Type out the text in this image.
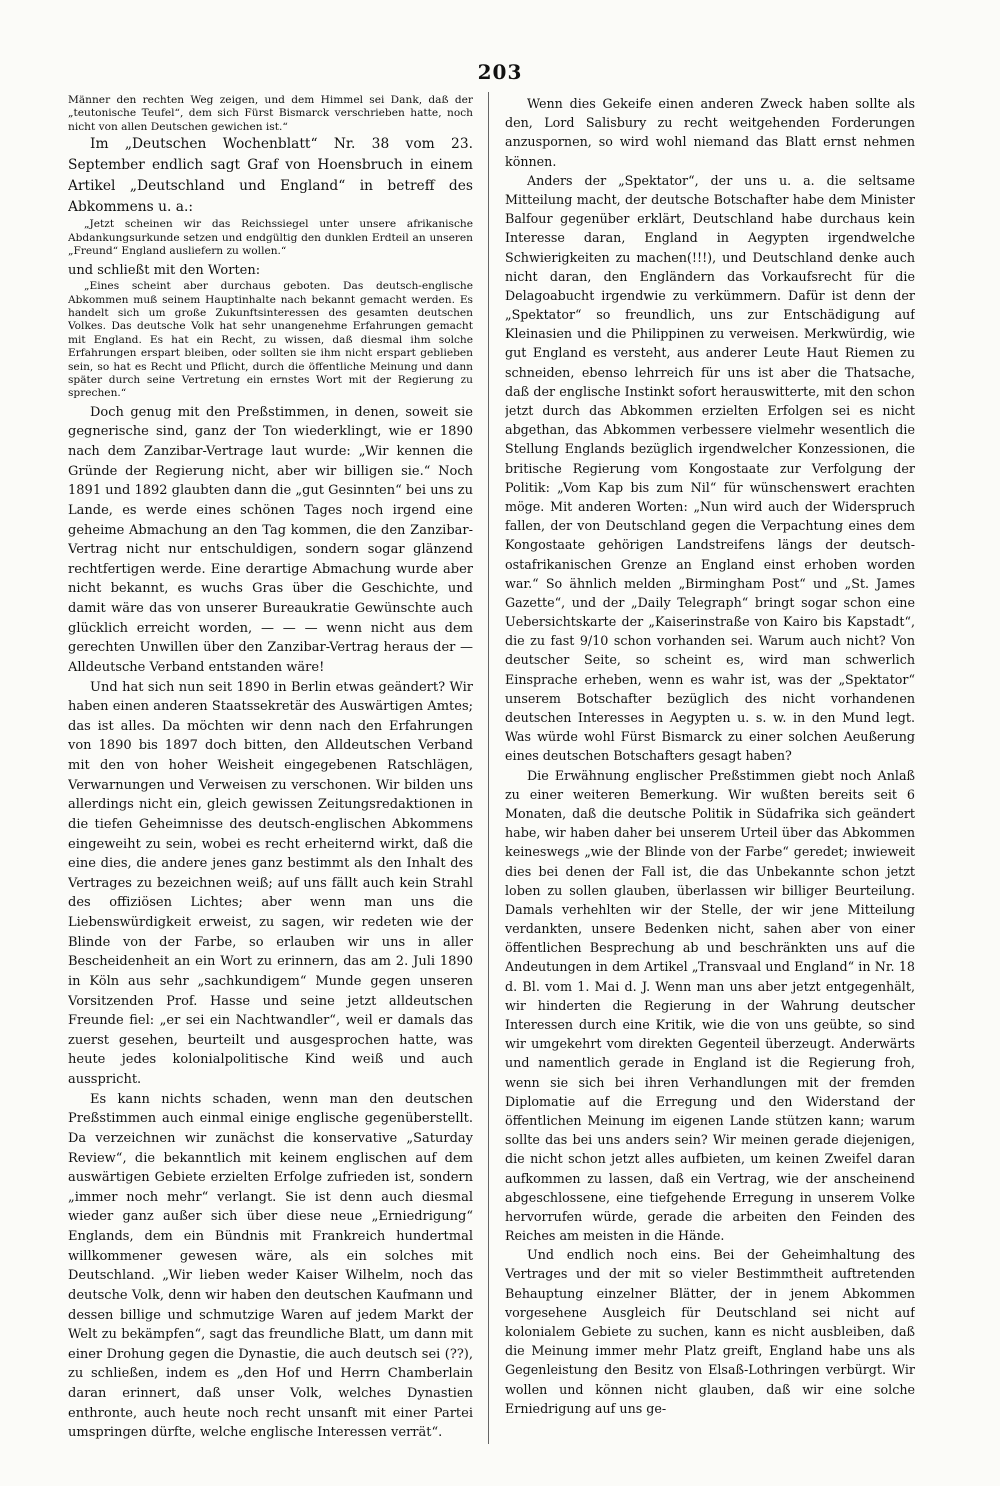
203

Männer den rechten Weg zeigen, und dem Himmel sei Dank, daß der „teutonische Teufel“, dem sich Fürst Bismarck verschrieben hatte, noch nicht von allen Deutschen gewichen ist.“

Im „Deutschen Wochenblatt“ Nr. 38 vom 23. September endlich sagt Graf von Hoensbruch in einem Artikel „Deutschland und England“ in betreff des Abkommens u. a.:

„Jetzt scheinen wir das Reichssiegel unter unsere afrikanische Abdankungsurkunde setzen und endgültig den dunklen Erdteil an unseren „Freund“ England ausliefern zu wollen.“

und schließt mit den Worten:

„Eines scheint aber durchaus geboten. Das deutsch-englische Abkommen muß seinem Hauptinhalte nach bekannt gemacht werden. Es handelt sich um große Zukunftsinteressen des gesamten deutschen Volkes. Das deutsche Volk hat sehr unangenehme Erfahrungen gemacht mit England. Es hat ein Recht, zu wissen, daß diesmal ihm solche Erfahrungen erspart bleiben, oder sollten sie ihm nicht erspart geblieben sein, so hat es Recht und Pflicht, durch die öffentliche Meinung und dann später durch seine Vertretung ein ernstes Wort mit der Regierung zu sprechen.“

Doch genug mit den Preßstimmen, in denen, soweit sie gegnerische sind, ganz der Ton wiederklingt, wie er 1890 nach dem Zanzibar-Vertrage laut wurde: „Wir kennen die Gründe der Regierung nicht, aber wir billigen sie.“ Noch 1891 und 1892 glaubten dann die „gut Gesinnten“ bei uns zu Lande, es werde eines schönen Tages noch irgend eine geheime Abmachung an den Tag kommen, die den Zanzibar-Vertrag nicht nur entschuldigen, sondern sogar glänzend rechtfertigen werde. Eine derartige Abmachung wurde aber nicht bekannt, es wuchs Gras über die Geschichte, und damit wäre das von unserer Bureaukratie Gewünschte auch glücklich erreicht worden, — — — wenn nicht aus dem gerechten Unwillen über den Zanzibar-Vertrag heraus der — Alldeutsche Verband entstanden wäre!

Und hat sich nun seit 1890 in Berlin etwas geändert? Wir haben einen anderen Staatssekretär des Auswärtigen Amtes; das ist alles. Da möchten wir denn nach den Erfahrungen von 1890 bis 1897 doch bitten, den Alldeutschen Verband mit den von hoher Weisheit eingegebenen Ratschlägen, Verwarnungen und Verweisen zu verschonen. Wir bilden uns allerdings nicht ein, gleich gewissen Zeitungsredaktionen in die tiefen Geheimnisse des deutsch-englischen Abkommens eingeweiht zu sein, wobei es recht erheiternd wirkt, daß die eine dies, die andere jenes ganz bestimmt als den Inhalt des Vertrages zu bezeichnen weiß; auf uns fällt auch kein Strahl des offiziösen Lichtes; aber wenn man uns die Liebenswürdigkeit erweist, zu sagen, wir redeten wie der Blinde von der Farbe, so erlauben wir uns in aller Bescheidenheit an ein Wort zu erinnern, das am 2. Juli 1890 in Köln aus sehr „sachkundigem“ Munde gegen unseren Vorsitzenden Prof. Hasse und seine jetzt alldeutschen Freunde fiel: „er sei ein Nachtwandler“, weil er damals das zuerst gesehen, beurteilt und ausgesprochen hatte, was heute jedes kolonialpolitische Kind weiß und auch ausspricht.

Es kann nichts schaden, wenn man den deutschen Preßstimmen auch einmal einige englische gegenüberstellt. Da verzeichnen wir zunächst die konservative „Saturday Review“, die bekanntlich mit keinem englischen auf dem auswärtigen Gebiete erzielten Erfolge zufrieden ist, sondern „immer noch mehr“ verlangt. Sie ist denn auch diesmal wieder ganz außer sich über diese neue „Erniedrigung“ Englands, dem ein Bündnis mit Frankreich hundertmal willkommener gewesen wäre, als ein solches mit Deutschland. „Wir lieben weder Kaiser Wilhelm, noch das deutsche Volk, denn wir haben den deutschen Kaufmann und dessen billige und schmutzige Waren auf jedem Markt der Welt zu bekämpfen“, sagt das freundliche Blatt, um dann mit einer Drohung gegen die Dynastie, die auch deutsch sei (??), zu schließen, indem es „den Hof und Herrn Chamberlain daran erinnert, daß unser Volk, welches Dynastien enthronte, auch heute noch recht unsanft mit einer Partei umspringen dürfte, welche englische Interessen verrät“.

Wenn dies Gekeife einen anderen Zweck haben sollte als den, Lord Salisbury zu recht weitgehenden Forderungen anzuspornen, so wird wohl niemand das Blatt ernst nehmen können.

Anders der „Spektator“, der uns u. a. die seltsame Mitteilung macht, der deutsche Botschafter habe dem Minister Balfour gegenüber erklärt, Deutschland habe durchaus kein Interesse daran, England in Aegypten irgendwelche Schwierigkeiten zu machen(!!!), und Deutschland denke auch nicht daran, den Engländern das Vorkaufsrecht für die Delagoabucht irgendwie zu verkümmern. Dafür ist denn der „Spektator“ so freundlich, uns zur Entschädigung auf Kleinasien und die Philippinen zu verweisen. Merkwürdig, wie gut England es versteht, aus anderer Leute Haut Riemen zu schneiden, ebenso lehrreich für uns ist aber die Thatsache, daß der englische Instinkt sofort herauswitterte, mit den schon jetzt durch das Abkommen erzielten Erfolgen sei es nicht abgethan, das Abkommen verbessere vielmehr wesentlich die Stellung Englands bezüglich irgendwelcher Konzessionen, die britische Regierung vom Kongostaate zur Verfolgung der Politik: „Vom Kap bis zum Nil“ für wünschenswert erachten möge. Mit anderen Worten: „Nun wird auch der Widerspruch fallen, der von Deutschland gegen die Verpachtung eines dem Kongostaate gehörigen Landstreifens längs der deutsch-ostafrikanischen Grenze an England einst erhoben worden war.“ So ähnlich melden „Birmingham Post“ und „St. James Gazette“, und der „Daily Telegraph“ bringt sogar schon eine Uebersichtskarte der „Kaiserinstraße von Kairo bis Kapstadt“, die zu fast 9/10 schon vorhanden sei. Warum auch nicht? Von deutscher Seite, so scheint es, wird man schwerlich Einsprache erheben, wenn es wahr ist, was der „Spektator“ unserem Botschafter bezüglich des nicht vorhandenen deutschen Interesses in Aegypten u. s. w. in den Mund legt. Was würde wohl Fürst Bismarck zu einer solchen Aeußerung eines deutschen Botschafters gesagt haben?

Die Erwähnung englischer Preßstimmen giebt noch Anlaß zu einer weiteren Bemerkung. Wir wußten bereits seit 6 Monaten, daß die deutsche Politik in Südafrika sich geändert habe, wir haben daher bei unserem Urteil über das Abkommen keineswegs „wie der Blinde von der Farbe“ geredet; inwieweit dies bei denen der Fall ist, die das Unbekannte schon jetzt loben zu sollen glauben, überlassen wir billiger Beurteilung. Damals verhehlten wir der Stelle, der wir jene Mitteilung verdankten, unsere Bedenken nicht, sahen aber von einer öffentlichen Besprechung ab und beschränkten uns auf die Andeutungen in dem Artikel „Transvaal und England“ in Nr. 18 d. Bl. vom 1. Mai d. J. Wenn man uns aber jetzt entgegenhält, wir hinderten die Regierung in der Wahrung deutscher Interessen durch eine Kritik, wie die von uns geübte, so sind wir umgekehrt vom direkten Gegenteil überzeugt. Anderwärts und namentlich gerade in England ist die Regierung froh, wenn sie sich bei ihren Verhandlungen mit der fremden Diplomatie auf die Erregung und den Widerstand der öffentlichen Meinung im eigenen Lande stützen kann; warum sollte das bei uns anders sein? Wir meinen gerade diejenigen, die nicht schon jetzt alles aufbieten, um keinen Zweifel daran aufkommen zu lassen, daß ein Vertrag, wie der anscheinend abgeschlossene, eine tiefgehende Erregung in unserem Volke hervorrufen würde, gerade die arbeiten den Feinden des Reiches am meisten in die Hände.

Und endlich noch eins. Bei der Geheimhaltung des Vertrages und der mit so vieler Bestimmtheit auftretenden Behauptung einzelner Blätter, der in jenem Abkommen vorgesehene Ausgleich für Deutschland sei nicht auf kolonialem Gebiete zu suchen, kann es nicht ausbleiben, daß die Meinung immer mehr Platz greift, England habe uns als Gegenleistung den Besitz von Elsaß-Lothringen verbürgt. Wir wollen und können nicht glauben, daß wir eine solche Erniedrigung auf uns ge-
